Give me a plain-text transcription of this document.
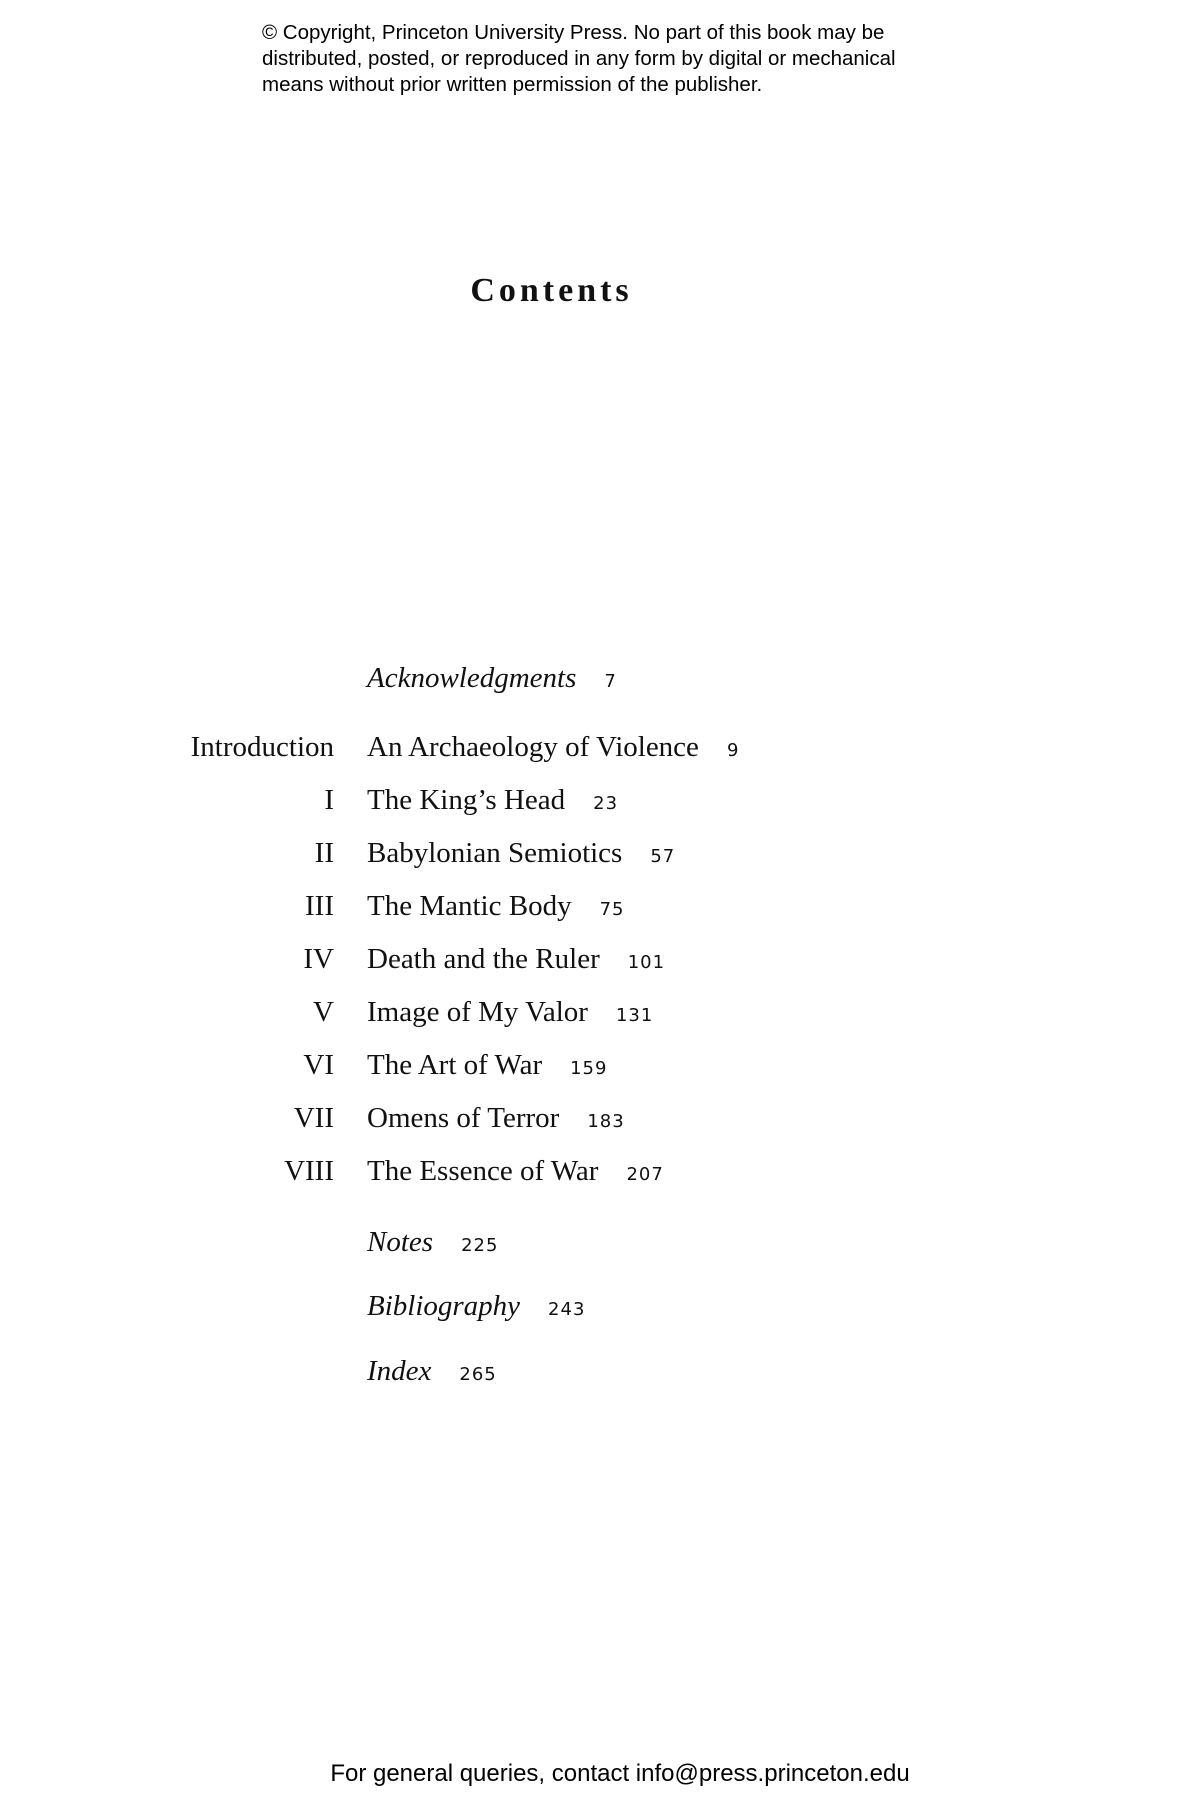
© Copyright, Princeton University Press. No part of this book may be distributed, posted, or reproduced in any form by digital or mechanical means without prior written permission of the publisher.
Contents
Acknowledgments 7
Introduction An Archaeology of Violence 9
I The King’s Head 23
II Babylonian Semiotics 57
III The Mantic Body 75
IV Death and the Ruler 101
V Image of My Valor 131
VI The Art of War 159
VII Omens of Terror 183
VIII The Essence of War 207
Notes 225
Bibliography 243
Index 265
For general queries, contact info@press.princeton.edu
